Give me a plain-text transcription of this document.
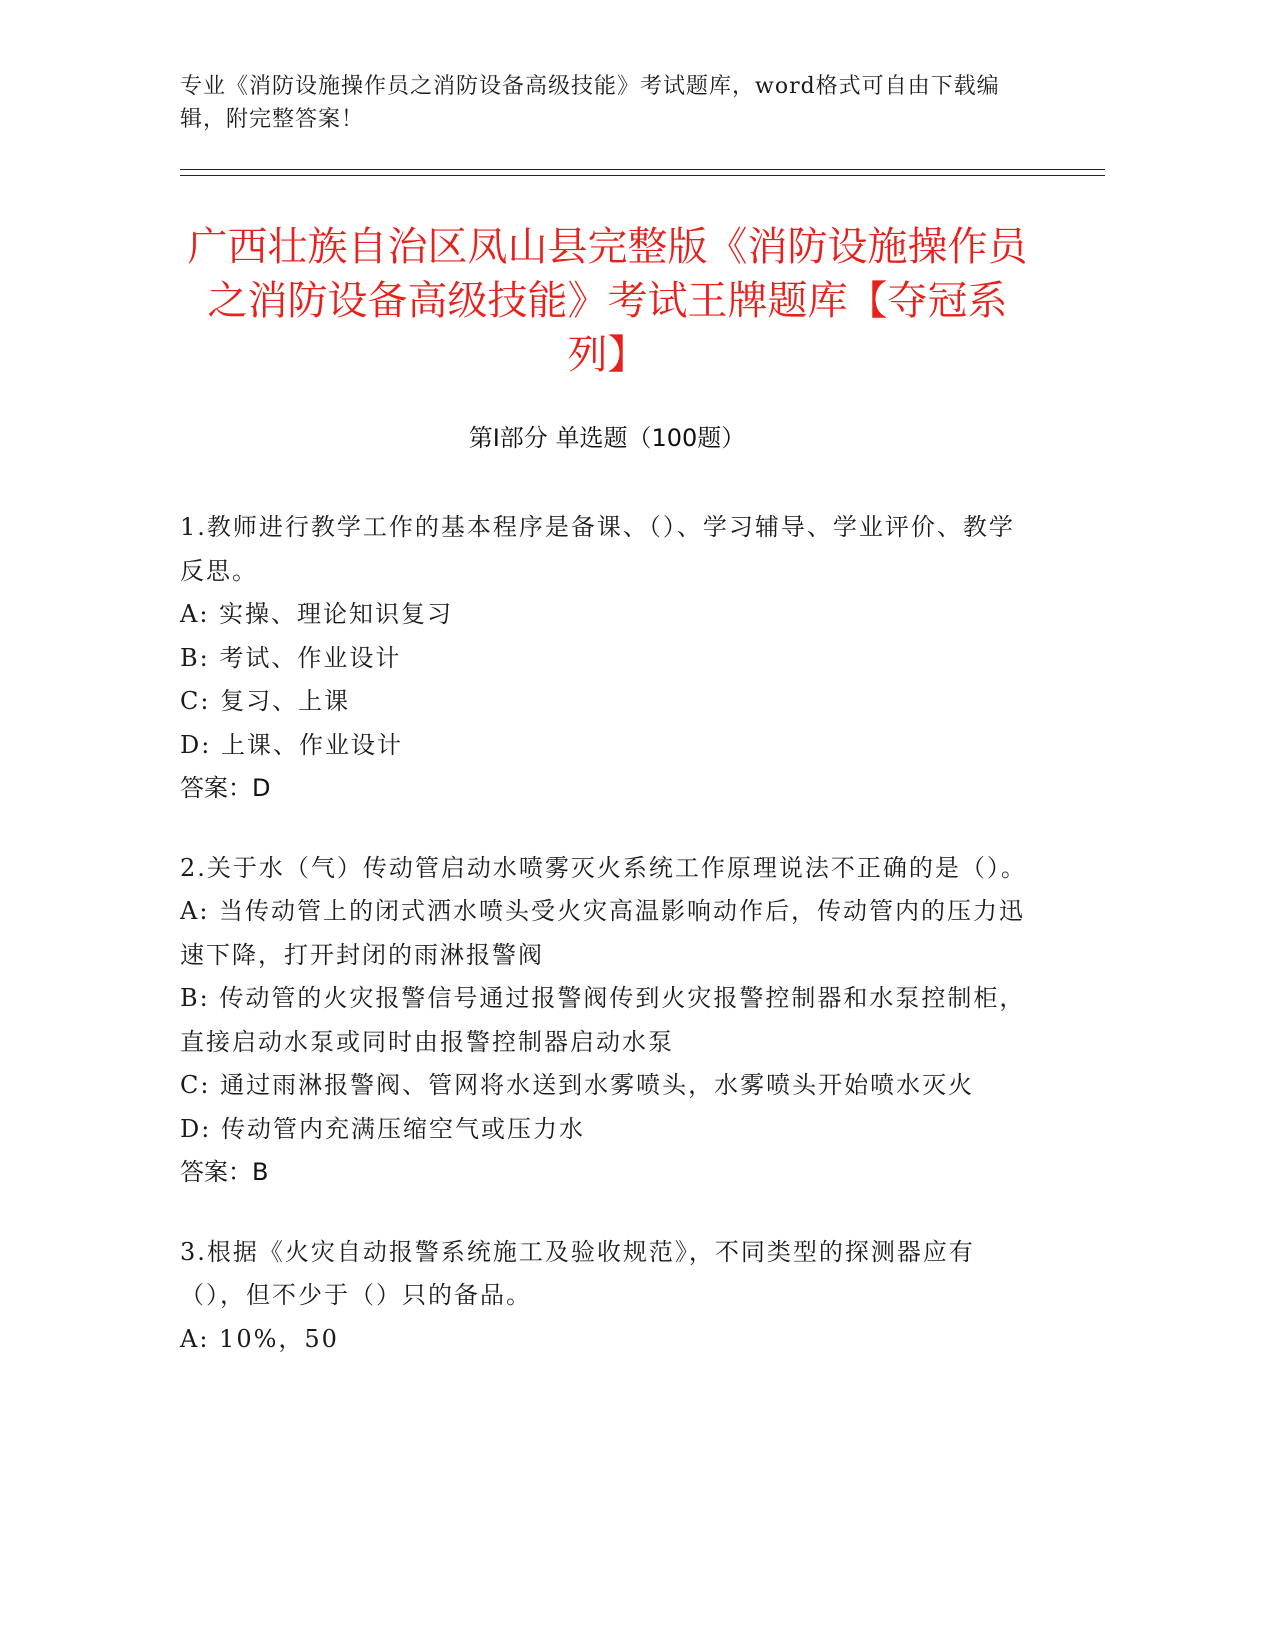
专业《消防设施操作员之消防设备高级技能》考试题库，word格式可自由下载编辑，附完整答案！
广西壮族自治区凤山县完整版《消防设施操作员之消防设备高级技能》考试王牌题库【夺冠系列】
第Ⅰ部分 单选题（100题）
1.教师进行教学工作的基本程序是备课、（）、学习辅导、学业评价、教学反思。
A: 实操、理论知识复习
B: 考试、作业设计
C: 复习、上课
D: 上课、作业设计
答案：D
2.关于水（气）传动管启动水喷雾灭火系统工作原理说法不正确的是（）。
A: 当传动管上的闭式洒水喷头受火灾高温影响动作后，传动管内的压力迅速下降，打开封闭的雨淋报警阀
B: 传动管的火灾报警信号通过报警阀传到火灾报警控制器和水泵控制柜，直接启动水泵或同时由报警控制器启动水泵
C: 通过雨淋报警阀、管网将水送到水雾喷头，水雾喷头开始喷水灭火
D: 传动管内充满压缩空气或压力水
答案：B
3.根据《火灾自动报警系统施工及验收规范》，不同类型的探测器应有（），但不少于（）只的备品。
A: 10%，50
